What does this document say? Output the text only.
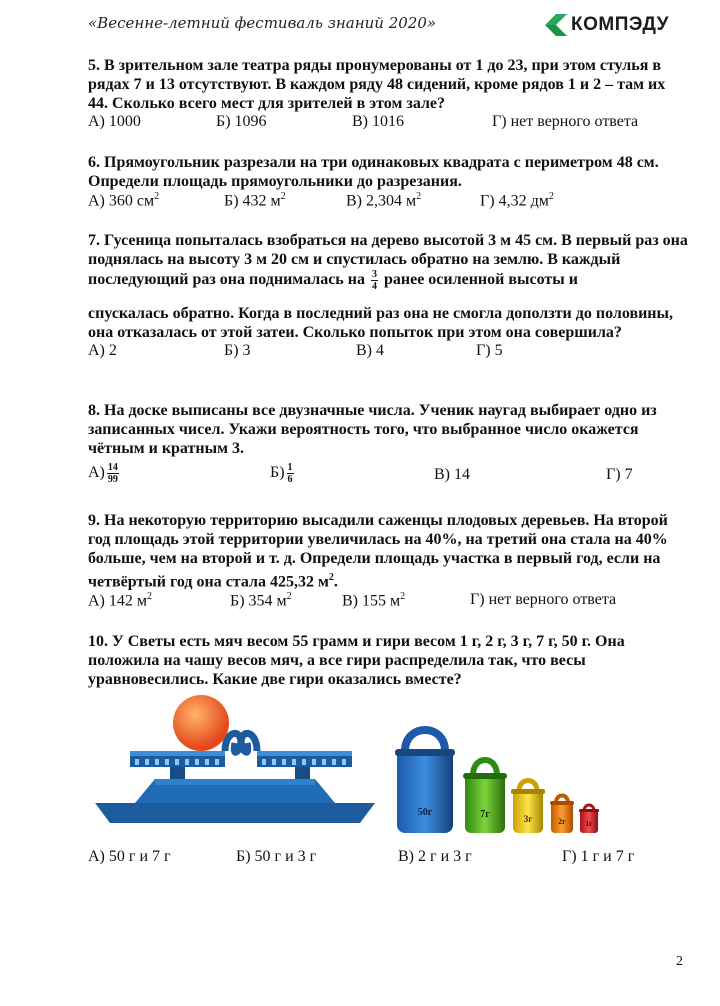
«Весенне-летний фестиваль знаний 2020»	КОМПЭДУ
5. В зрительном зале театра ряды пронумерованы от 1 до 23, при этом стулья в рядах 7 и 13 отсутствуют. В каждом ряду 48 сидений, кроме рядов 1 и 2 – там их 44. Сколько всего мест для зрителей в этом зале?
А) 1000	Б) 1096	В) 1016	Г) нет верного ответа
6. Прямоугольник разрезали на три одинаковых квадрата с периметром 48 см. Определи площадь прямоугольники до разрезания.
А) 360 $см^2$	Б) 432 $м^2$	В) 2,304 $м^2$	Г) 4,32 $дм^2$
7. Гусеница попыталась взобраться на дерево высотой 3 м 45 см. В первый раз она поднялась на высоту 3 м 20 см и спустилась обратно на землю. В каждый последующий раз она поднималась на $\frac{3}{4}$ ранее осиленной высоты и
спускалась обратно. Когда в последний раз она не смогла доползти до половины, она отказалась от этой затеи. Сколько попыток при этом она совершила?
А) 2	Б) 3	В) 4	Г) 5
8. На доске выписаны все двузначные числа. Ученик наугад выбирает одно из записанных чисел. Укажи вероятность того, что выбранное число окажется чётным и кратным 3.
$А) \frac{14}{99}$	$Б) \frac{1}{6}$	В) 14	Г) 7
9. На некоторую территорию высадили саженцы плодовых деревьев. На второй год площадь этой территории увеличилась на 40%, на третий она стала на 40% больше, чем на второй и т. д. Определи площадь участка в первый год, если на четвёртый год она стала 425,32 $м^2$.
А) 142 $м^2$	Б) 354 $м^2$	В) 155 $м^2$	Г) нет верного ответа
10. У Светы есть мяч весом 55 грамм и гири весом 1 г, 2 г, 3 г, 7 г, 50 г. Она положила на чашу весов мяч, а все гири распределила так, что весы уравновесились. Какие две гири оказались вместе?
50г	7г	3г	2г	1г
А) 50 г и 7 г	Б) 50 г и 3 г	В) 2 г и 3 г	Г) 1 г и 7 г
2
